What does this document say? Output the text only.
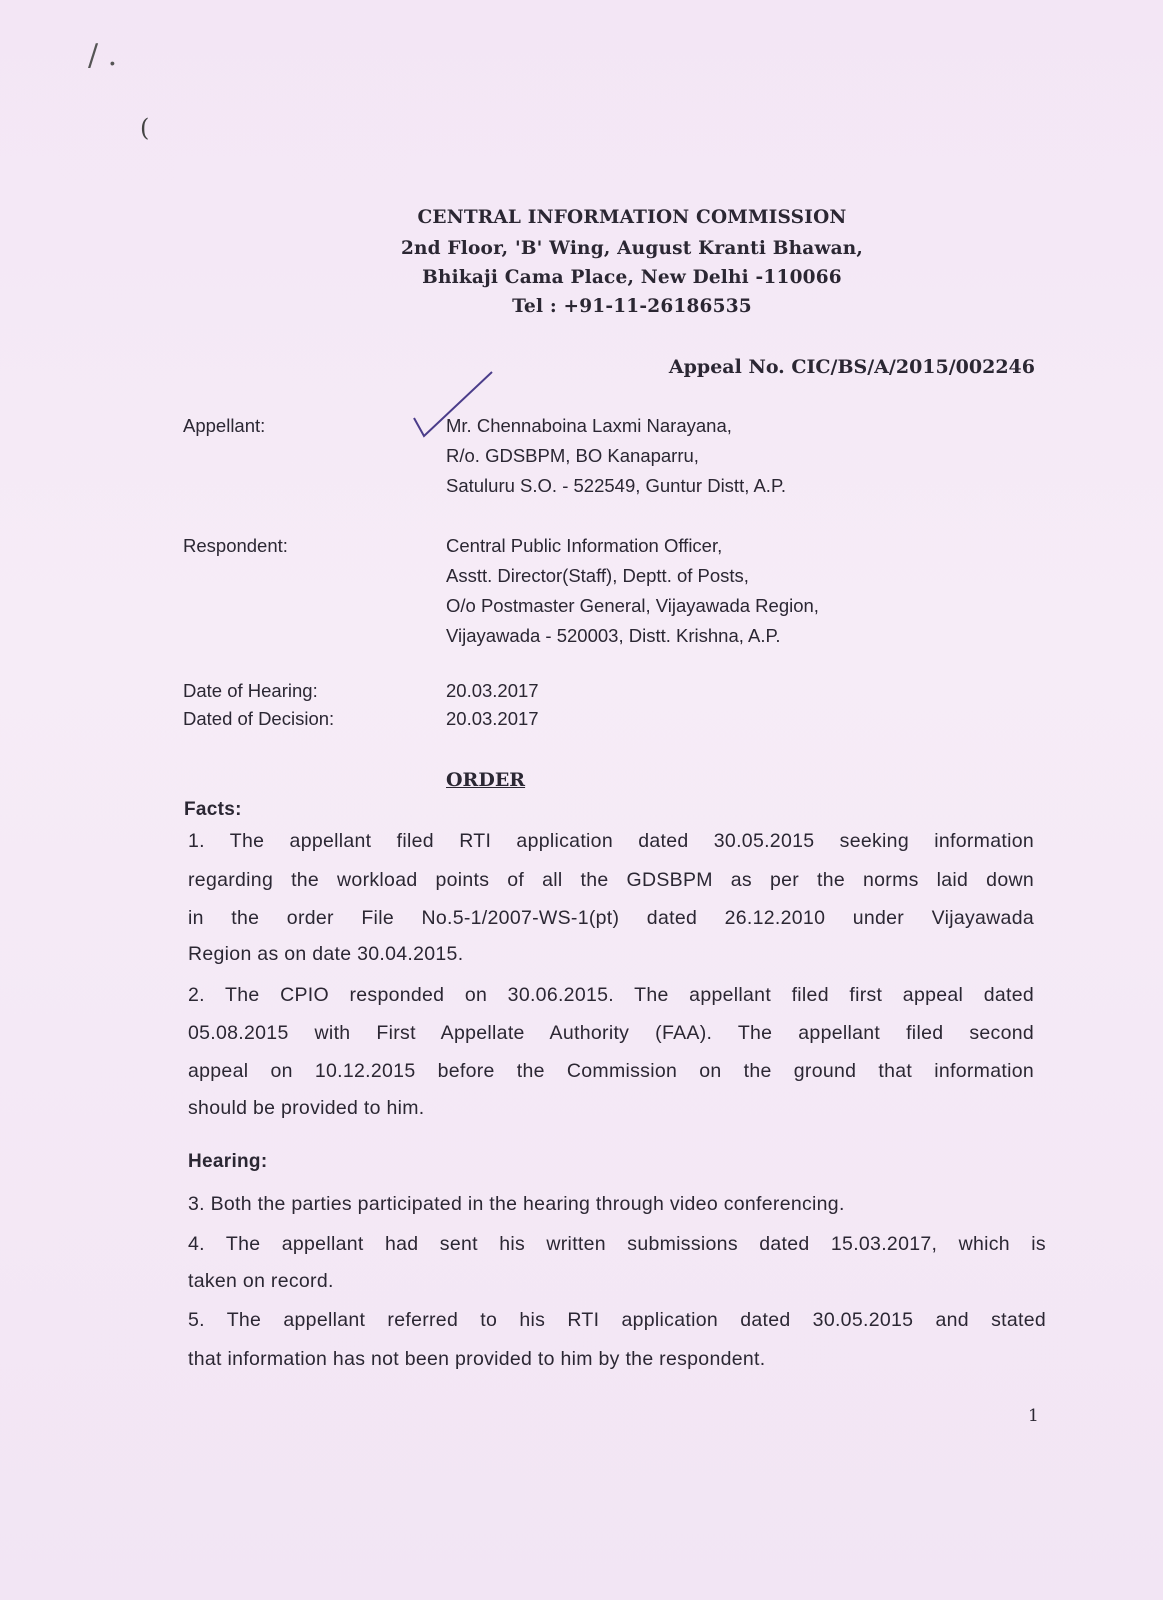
/ .
(
CENTRAL INFORMATION COMMISSION
2nd Floor, 'B' Wing, August Kranti Bhawan,
Bhikaji Cama Place, New Delhi -110066
Tel : +91-11-26186535
Appeal No. CIC/BS/A/2015/002246
Appellant:	Mr. Chennaboina Laxmi Narayana,
R/o. GDSBPM, BO Kanaparru,
Satuluru S.O. - 522549, Guntur Distt, A.P.
Respondent:	Central Public Information Officer,
Asstt. Director(Staff), Deptt. of Posts,
O/o Postmaster General, Vijayawada Region,
Vijayawada - 520003, Distt. Krishna, A.P.
Date of Hearing:	20.03.2017
Dated of Decision:	20.03.2017
ORDER
Facts:
1. The appellant filed RTI application dated 30.05.2015 seeking information
regarding the workload points of all the GDSBPM as per the norms laid down
in the order File No.5-1/2007-WS-1(pt) dated 26.12.2010 under Vijayawada
Region as on date 30.04.2015.
2. The CPIO responded on 30.06.2015. The appellant filed first appeal dated
05.08.2015 with First Appellate Authority (FAA). The appellant filed second
appeal on 10.12.2015 before the Commission on the ground that information
should be provided to him.
Hearing:
3. Both the parties participated in the hearing through video conferencing.
4. The appellant had sent his written submissions dated 15.03.2017, which is
taken on record.
5. The appellant referred to his RTI application dated 30.05.2015 and stated
that information has not been provided to him by the respondent.
1
